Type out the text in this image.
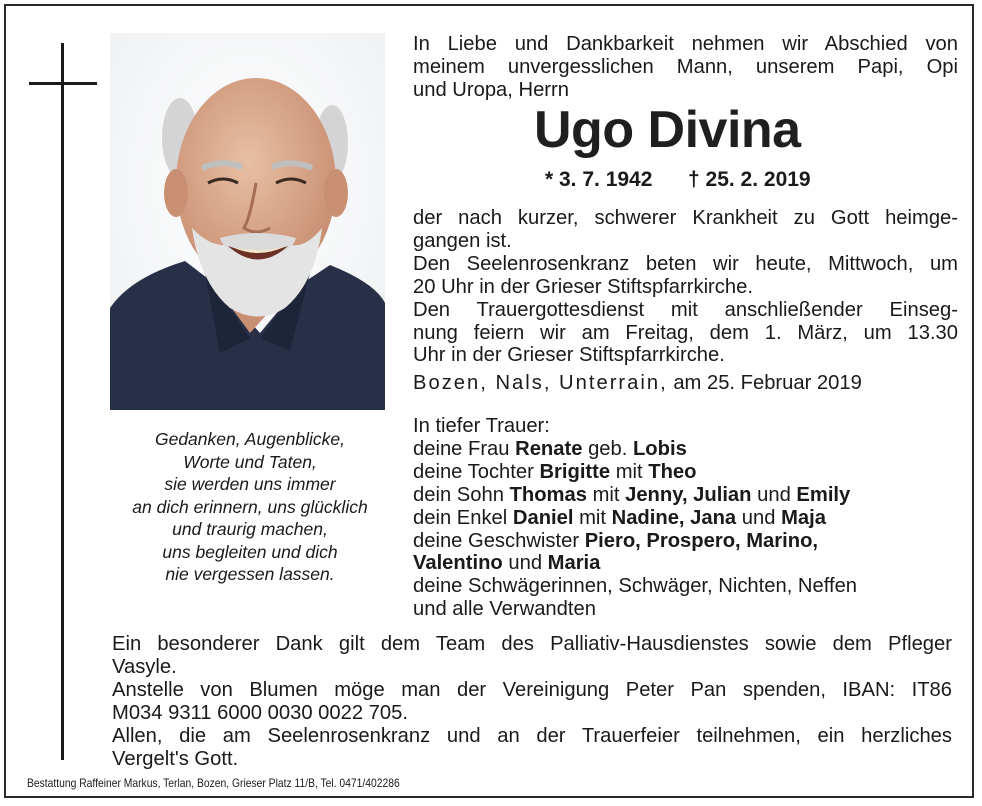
Gedanken, Augenblicke,
Worte und Taten,
sie werden uns immer
an dich erinnern, uns glücklich
und traurig machen,
uns begleiten und dich
nie vergessen lassen.
In Liebe und Dankbarkeit nehmen wir Abschied von
meinem unvergesslichen Mann, unserem Papi, Opi
und Uropa, Herrn
Ugo Divina
* 3. 7. 1942 † 25. 2. 2019
der nach kurzer, schwerer Krankheit zu Gott heimge-
gangen ist.
Den Seelenrosenkranz beten wir heute, Mittwoch, um
20 Uhr in der Grieser Stiftspfarrkirche.
Den Trauergottesdienst mit anschließender Einseg-
nung feiern wir am Freitag, dem 1. März, um 13.30
Uhr in der Grieser Stiftspfarrkirche.
Bozen, Nals, Unterrain, am 25. Februar 2019
In tiefer Trauer:
deine Frau Renate geb. Lobis
deine Tochter Brigitte mit Theo
dein Sohn Thomas mit Jenny, Julian und Emily
dein Enkel Daniel mit Nadine, Jana und Maja
deine Geschwister Piero, Prospero, Marino,
Valentino und Maria
deine Schwägerinnen, Schwäger, Nichten, Neffen
und alle Verwandten
Ein besonderer Dank gilt dem Team des Palliativ-Hausdienstes sowie dem Pfleger
Vasyle.
Anstelle von Blumen möge man der Vereinigung Peter Pan spenden, IBAN: IT86
M034 9311 6000 0030 0022 705.
Allen, die am Seelenrosenkranz und an der Trauerfeier teilnehmen, ein herzliches
Vergelt's Gott.
Bestattung Raffeiner Markus, Terlan, Bozen, Grieser Platz 11/B, Tel. 0471/402286
